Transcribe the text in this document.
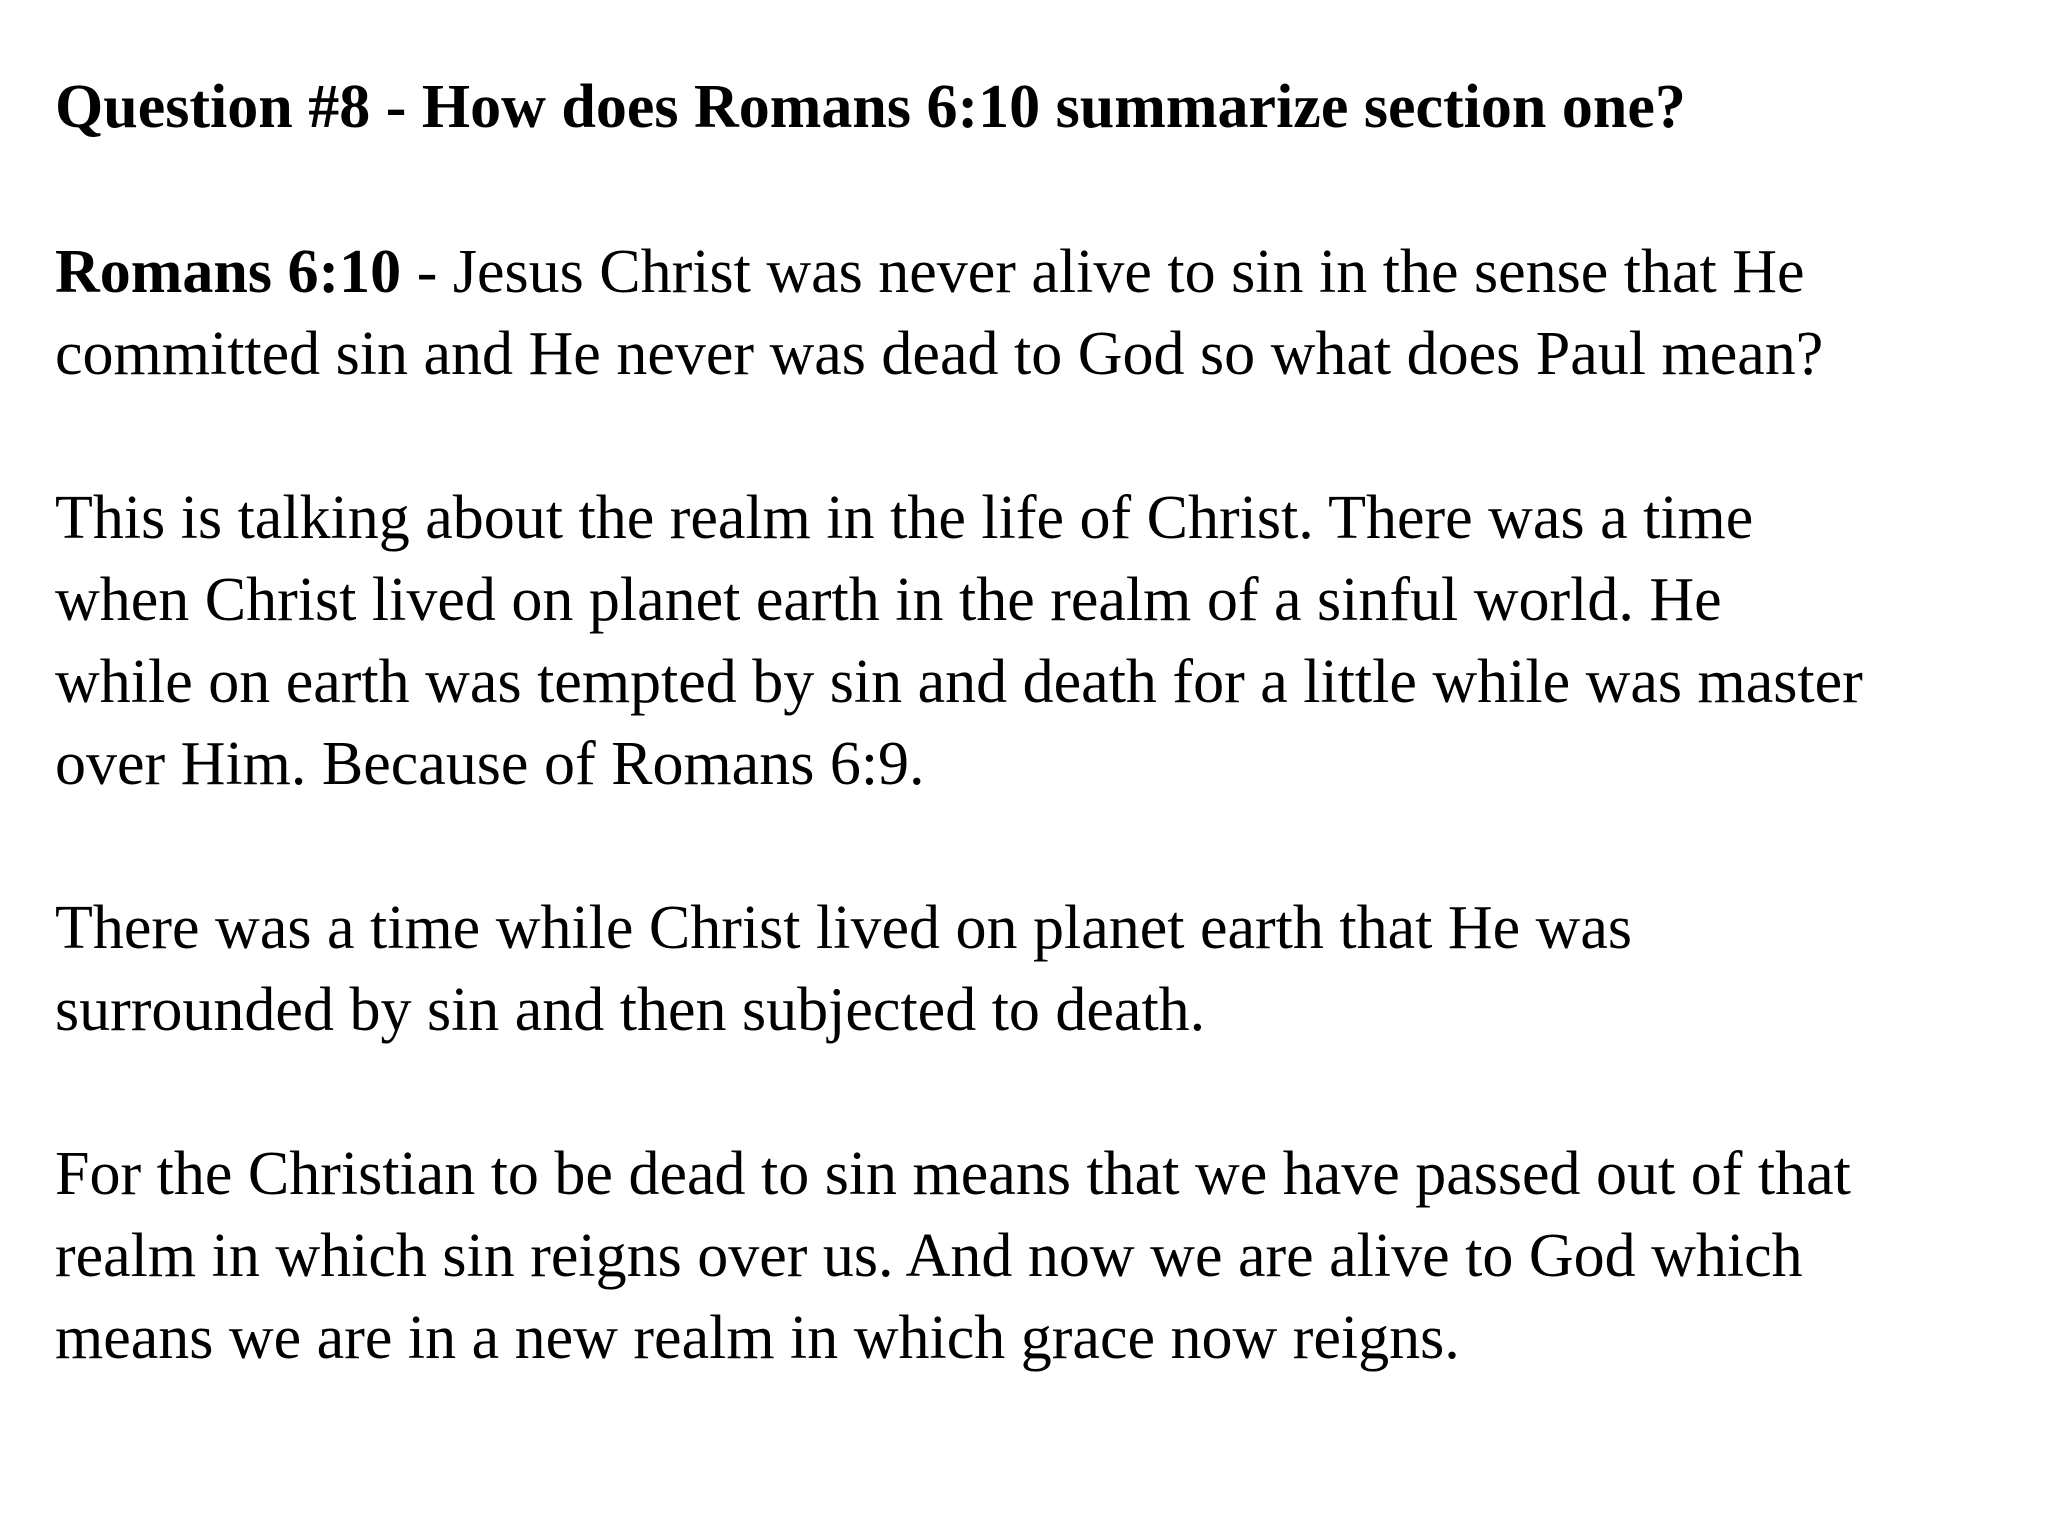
Question #8 - How does Romans 6:10 summarize section one?
Romans 6:10 - Jesus Christ was never alive to sin in the sense that He
committed sin and He never was dead to God so what does Paul mean?
This is talking about the realm in the life of Christ. There was a time
when Christ lived on planet earth in the realm of a sinful world. He
while on earth was tempted by sin and death for a little while was master
over Him. Because of Romans 6:9.
There was a time while Christ lived on planet earth that He was
surrounded by sin and then subjected to death.
For the Christian to be dead to sin means that we have passed out of that
realm in which sin reigns over us. And now we are alive to God which
means we are in a new realm in which grace now reigns.
